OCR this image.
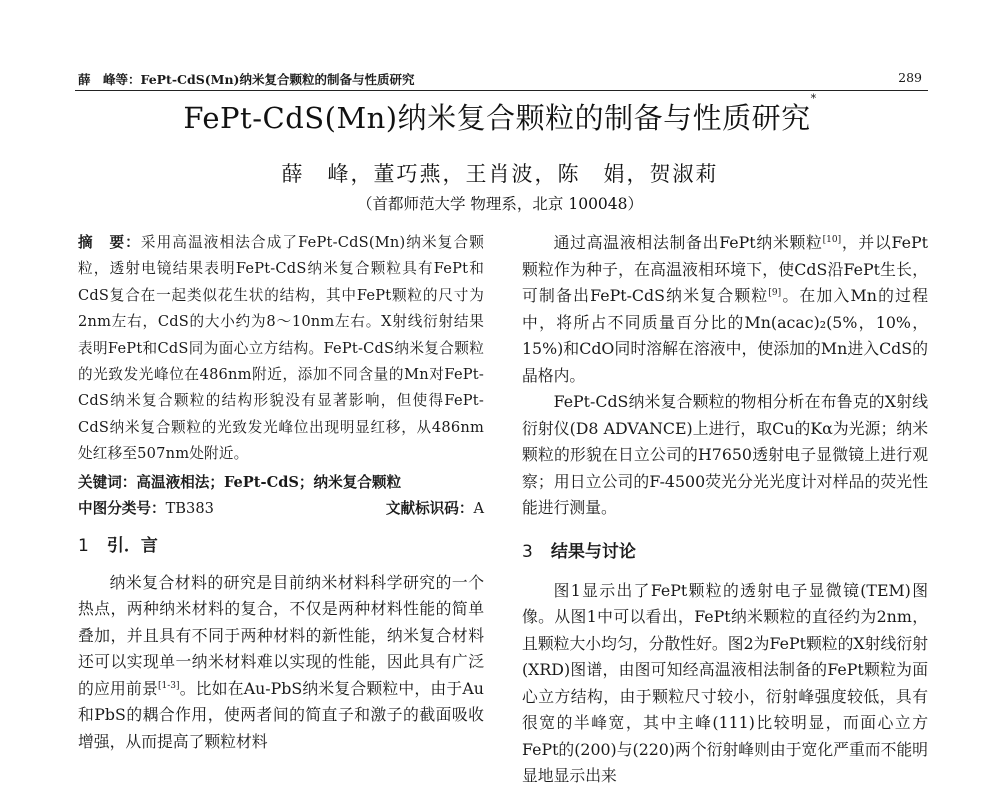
薛　峰等：FePt-CdS(Mn)纳米复合颗粒的制备与性质研究	289
FePt-CdS(Mn)纳米复合颗粒的制备与性质研究*
薛　峰，董巧燕，王肖波，陈　娟，贺淑莉
（首都师范大学 物理系，北京 100048）
摘　要：采用高温液相法合成了FePt-CdS(Mn)纳米复合颗粒，透射电镜结果表明FePt-CdS纳米复合颗粒具有FePt和CdS复合在一起类似花生状的结构，其中FePt颗粒的尺寸为2nm左右，CdS的大小约为8～10nm左右。X射线衍射结果表明FePt和CdS同为面心立方结构。FePt-CdS纳米复合颗粒的光致发光峰位在486nm附近，添加不同含量的Mn对FePt-CdS纳米复合颗粒的结构形貌没有显著影响，但使得FePt-CdS纳米复合颗粒的光致发光峰位出现明显红移，从486nm处红移至507nm处附近。
关键词：高温液相法；FePt-CdS；纳米复合颗粒
中图分类号：TB383	文献标识码：A
1 引．言

纳米复合材料的研究是目前纳米材料科学研究的一个热点，两种纳米材料的复合，不仅是两种材料性能的简单叠加，并且具有不同于两种材料的新性能，纳米复合材料还可以实现单一纳米材料难以实现的性能，因此具有广泛的应用前景[1-3]。比如在Au-PbS纳米复合颗粒中，由于Au和PbS的耦合作用，使两者间的简直子和激子的截面吸收增强，从而提高了颗粒材料

通过高温液相法制备出FePt纳米颗粒[10]，并以FePt颗粒作为种子，在高温液相环境下，使CdS沿FePt生长，可制备出FePt-CdS纳米复合颗粒[9]。在加入Mn的过程中，将所占不同质量百分比的Mn(acac)₂(5%，10%，15%)和CdO同时溶解在溶液中，使添加的Mn进入CdS的晶格内。

FePt-CdS纳米复合颗粒的物相分析在布鲁克的X射线衍射仪(D8 ADVANCE)上进行，取Cu的Kα为光源；纳米颗粒的形貌在日立公司的H7650透射电子显微镜上进行观察；用日立公司的F-4500荧光分光光度计对样品的荧光性能进行测量。

3 结果与讨论

图1显示出了FePt颗粒的透射电子显微镜(TEM)图像。从图1中可以看出，FePt纳米颗粒的直径约为2nm，且颗粒大小均匀，分散性好。图2为FePt颗粒的X射线衍射(XRD)图谱，由图可知经高温液相法制备的FePt颗粒为面心立方结构，由于颗粒尺寸较小，衍射峰强度较低，具有很宽的半峰宽，其中主峰(111)比较明显，而面心立方FePt的(200)与(220)两个衍射峰则由于宽化严重而不能明显地显示出来
